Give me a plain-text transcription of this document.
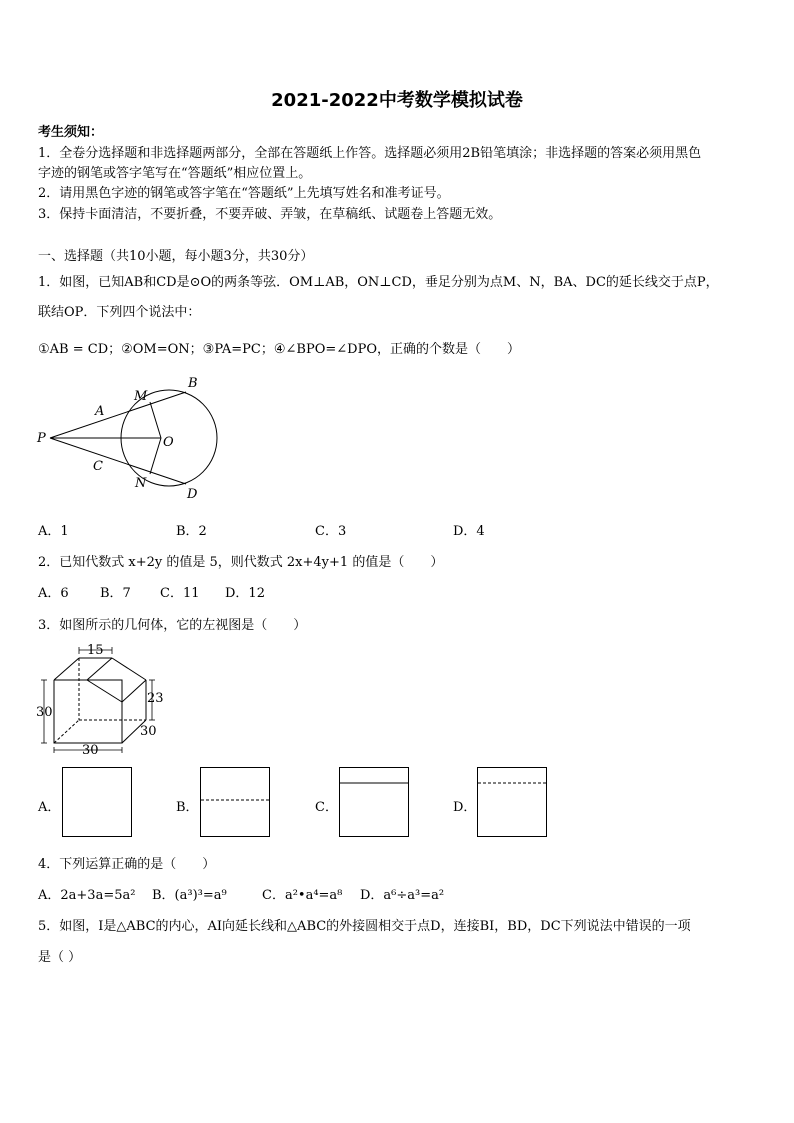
2021-2022中考数学模拟试卷
考生须知：
1．全卷分选择题和非选择题两部分，全部在答题纸上作答。选择题必须用2B铅笔填涂；非选择题的答案必须用黑色
字迹的钢笔或答字笔写在“答题纸”相应位置上。
2．请用黑色字迹的钢笔或答字笔在“答题纸”上先填写姓名和准考证号。
3．保持卡面清洁，不要折叠，不要弄破、弄皱，在草稿纸、试题卷上答题无效。
一、选择题（共10小题，每小题3分，共30分）
1．如图，已知AB和CD是⊙O的两条等弦．OM⊥AB，ON⊥CD，垂足分别为点M、N，BA、DC的延长线交于点P，
联结OP．下列四个说法中：
①AB = CD；②OM=ON；③PA=PC；④∠BPO=∠DPO，正确的个数是（　　）
P
A
B
M
O
C
N
D
A．1	B．2	C．3	D．4
2．已知代数式 x+2y 的值是 5，则代数式 2x+4y+1 的值是（　　）
A．6 B．7 C．11 D．12
3．如图所示的几何体，它的左视图是（　　）
15
30
23
30
30
A．	B．	C．	D．
4．下列运算正确的是（　　）
A．2a+3a=5a² B．(a³)³=a⁹	C．a²•a⁴=a⁸ D．a⁶÷a³=a²
5．如图，I是△ABC的内心，AI向延长线和△ABC的外接圆相交于点D，连接BI，BD，DC下列说法中错误的一项
是（ ）
